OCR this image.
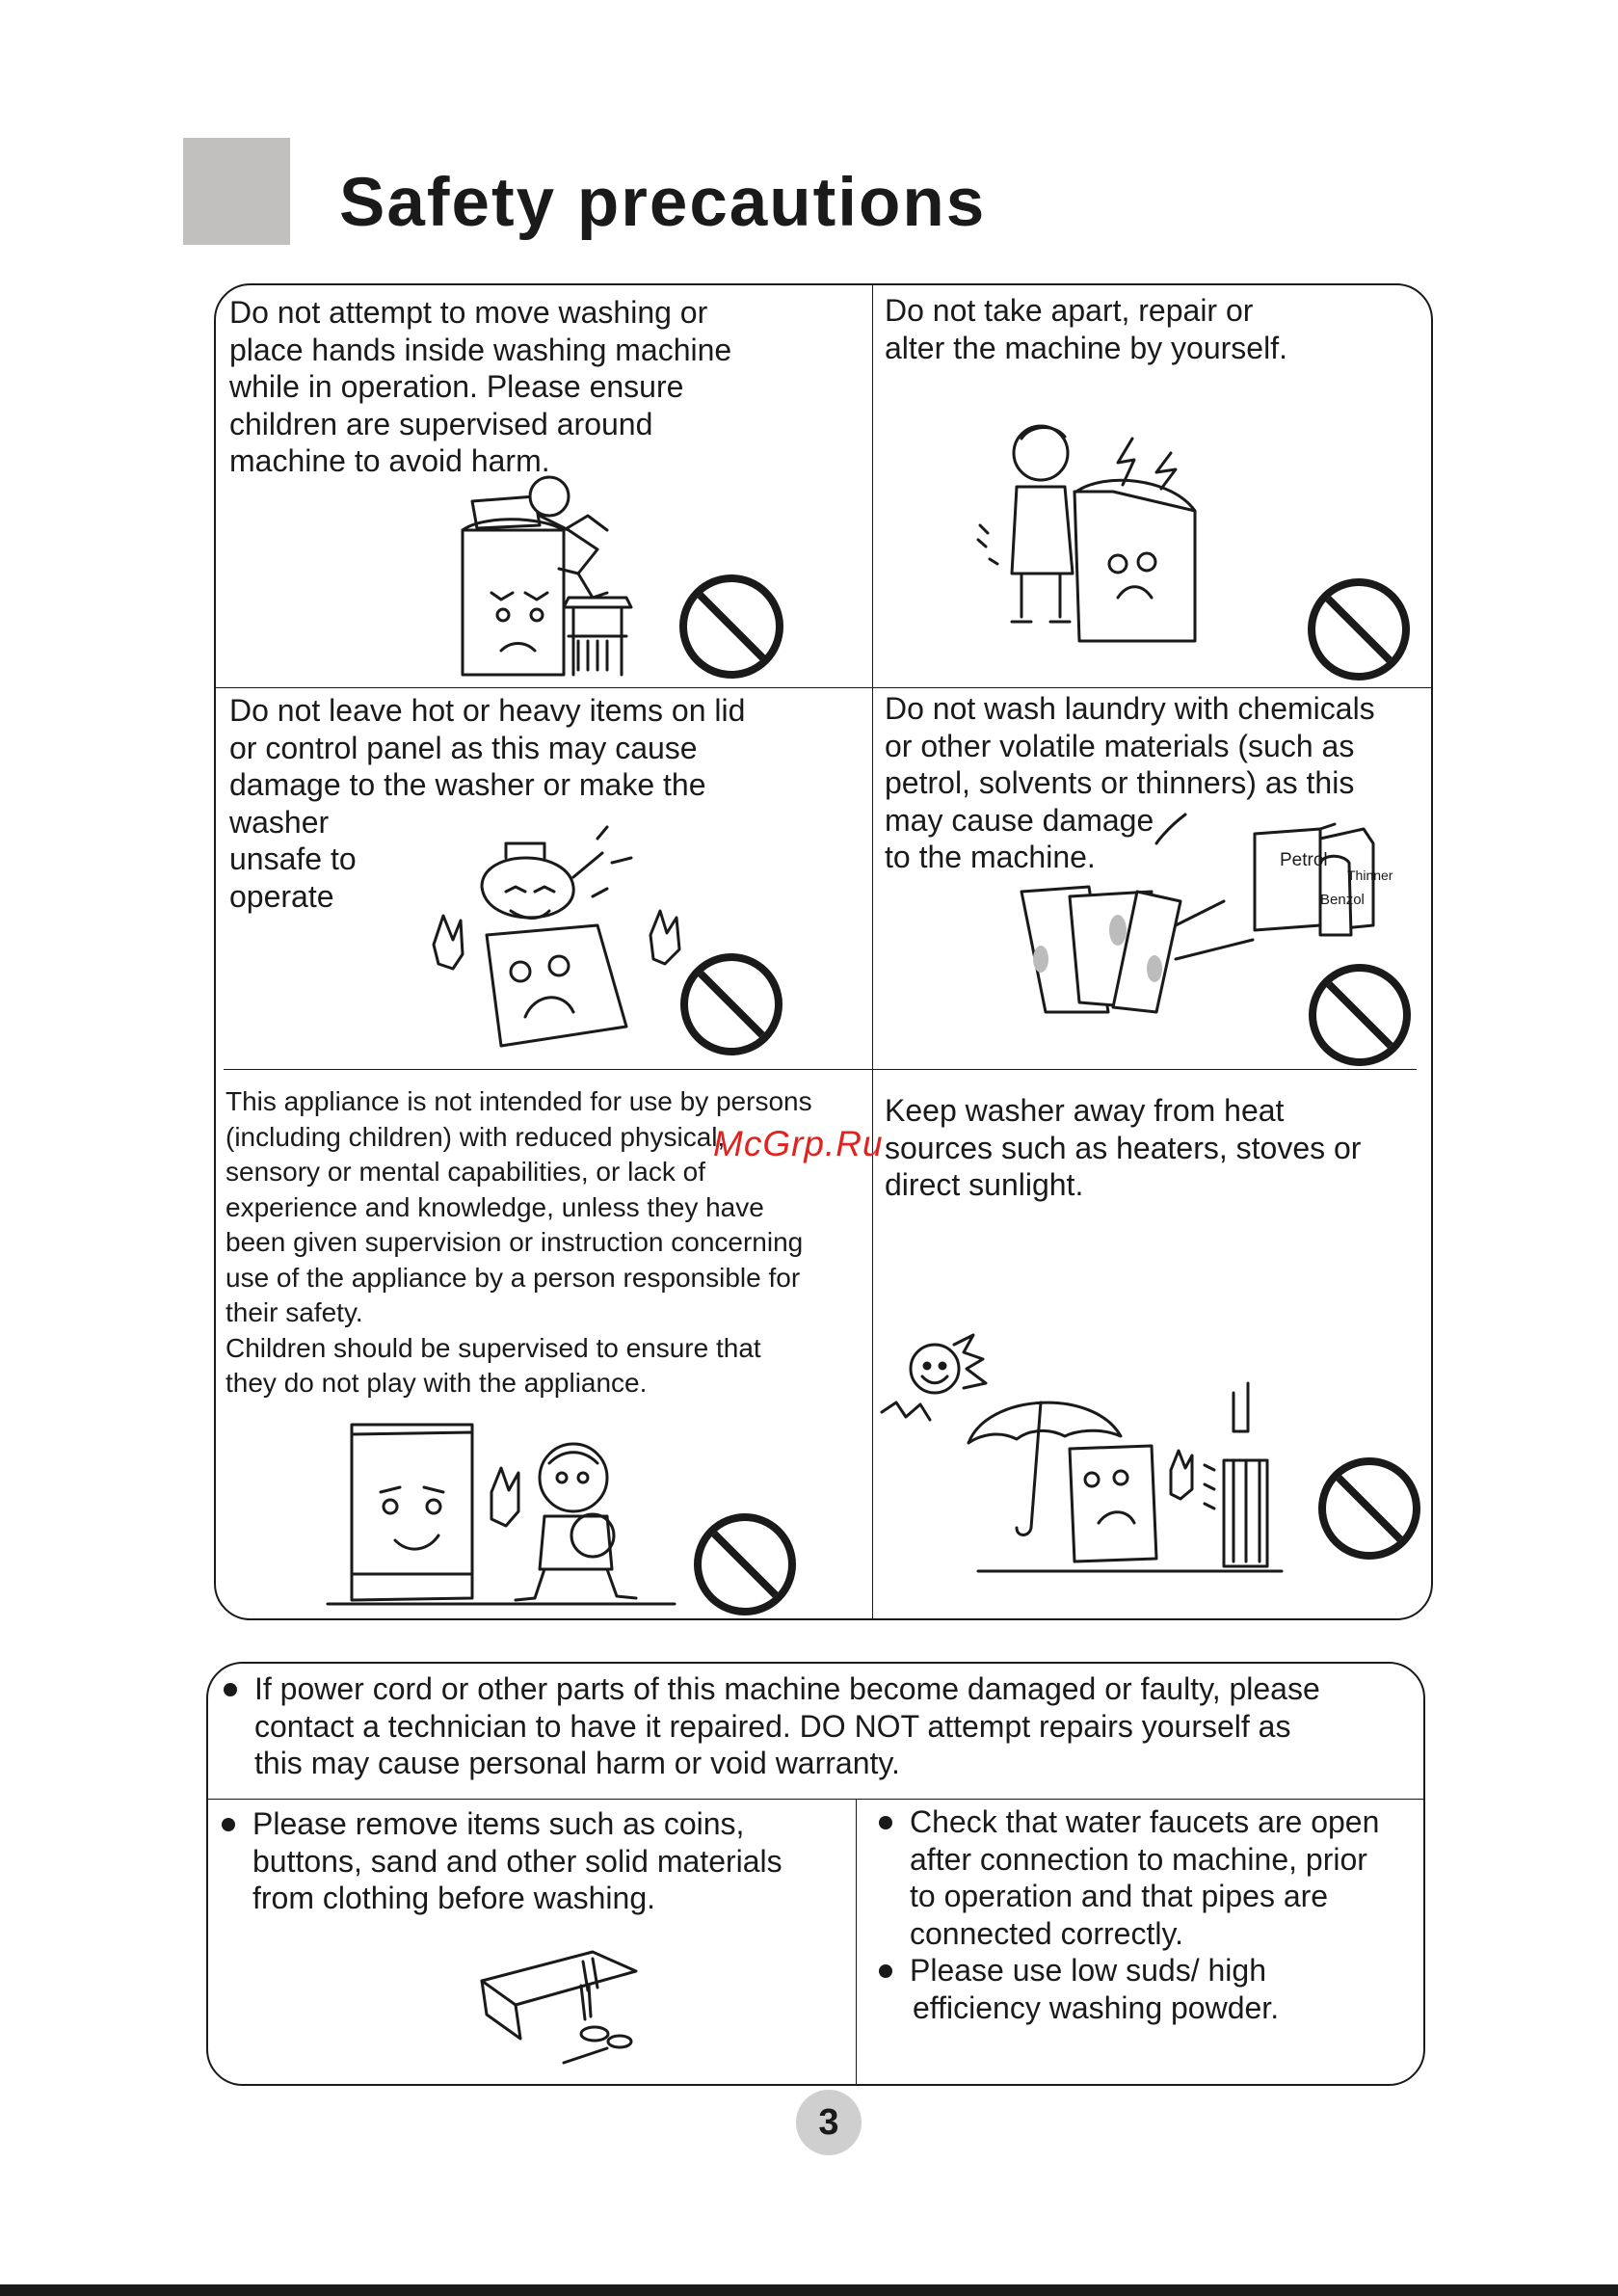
Safety precautions
Do not attempt to move washing or
place hands inside washing machine
while in operation. Please ensure
children are supervised around
machine to avoid harm.
Do not take apart, repair or
alter the machine by yourself.
Do not leave hot or heavy items on lid
or control panel as this may cause
damage to the washer or make the
washer
unsafe to
operate
Do not wash laundry with chemicals
or other volatile materials (such as
petrol, solvents or thinners) as this
may cause damage
to the machine.	Petrol
Thinner
Benzol
This appliance is not intended for use by persons
(including children) with reduced physical,
sensory or mental capabilities, or lack of
experience and knowledge, unless they have
been given supervision or instruction concerning
use of the appliance by a person responsible for
their safety.
Children should be supervised to ensure that
they do not play with the appliance.
Keep washer away from heat
sources such as heaters, stoves or
direct sunlight.
McGrp.Ru
If power cord or other parts of this machine become damaged or faulty, please
contact a technician to have it repaired. DO NOT attempt repairs yourself as
this may cause personal harm or void warranty.
Please remove items such as coins,
buttons, sand and other solid materials
from clothing before washing.
Check that water faucets are open
after connection to machine, prior
to operation and that pipes are
connected correctly.
Please use low suds/ high
efficiency washing powder.
3
